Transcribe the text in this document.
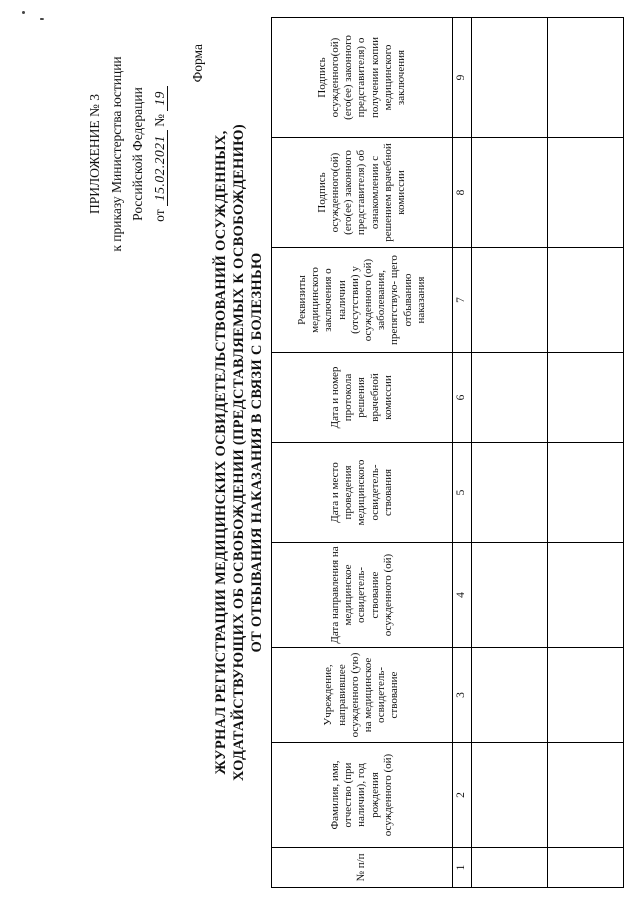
ПРИЛОЖЕНИЕ № 3 к приказу Министерства юстиции Российской Федерации от 15.02.2021 № 19
Форма
ЖУРНАЛ РЕГИСТРАЦИИ МЕДИЦИНСКИХ ОСВИДЕТЕЛЬСТВОВАНИЙ ОСУЖДЕННЫХ, ХОДАТАЙСТВУЮЩИХ ОБ ОСВОБОЖДЕНИИ (ПРЕДСТАВЛЯЕМЫХ К ОСВОБОЖДЕНИЮ) ОТ ОТБЫВАНИЯ НАКАЗАНИЯ В СВЯЗИ С БОЛЕЗНЬЮ
№ п/п	Фамилия, имя, отчество (при наличии), год рождения осужденного (ой)	Учреждение, направившее осужденного (ую) на медицинское освидетель- ствование	Дата направления на медицинское освидетель- ствование осужденного (ой)	Дата и место проведения медицинского освидетель- ствования	Дата и номер протокола решения врачебной комиссии	Реквизиты медицинского заключения о наличии (отсутствии) у осужденного (ой) заболевания, препятствую- щего отбыванию наказания	Подпись осужденного(ой) (его(ее) законного представителя) об ознакомлении с решением врачебной комиссии	Подпись осужденного(ой) (его(ее) законного представителя) о получении копии медицинского заключения
1	2	3	4	5	6	7	8	9
